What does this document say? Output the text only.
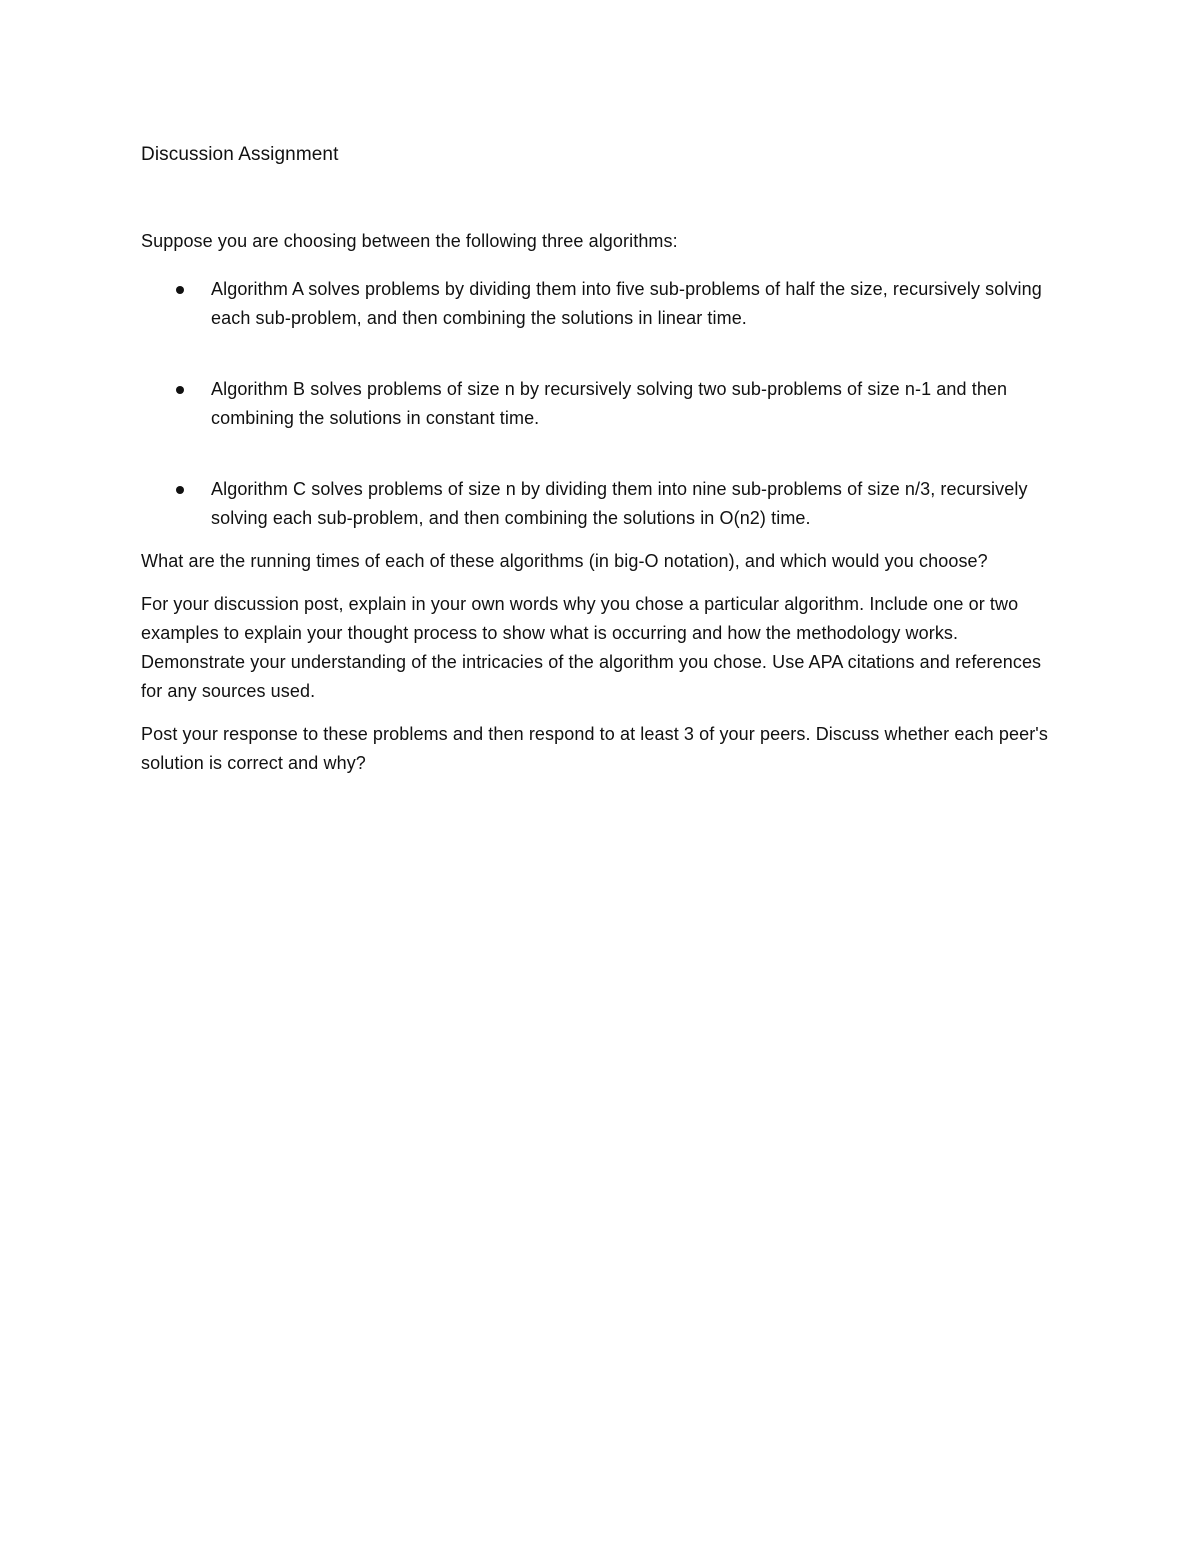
Discussion Assignment

Suppose you are choosing between the following three algorithms:

Algorithm A solves problems by dividing them into five sub-problems of half the size, recursively solving each sub-problem, and then combining the solutions in linear time.
Algorithm B solves problems of size n by recursively solving two sub-problems of size n-1 and then combining the solutions in constant time.
Algorithm C solves problems of size n by dividing them into nine sub-problems of size n/3, recursively solving each sub-problem, and then combining the solutions in O(n2) time.

What are the running times of each of these algorithms (in big-O notation), and which would you choose?

For your discussion post, explain in your own words why you chose a particular algorithm. Include one or two examples to explain your thought process to show what is occurring and how the methodology works. Demonstrate your understanding of the intricacies of the algorithm you chose. Use APA citations and references for any sources used.

Post your response to these problems and then respond to at least 3 of your peers. Discuss whether each peer's solution is correct and why?
